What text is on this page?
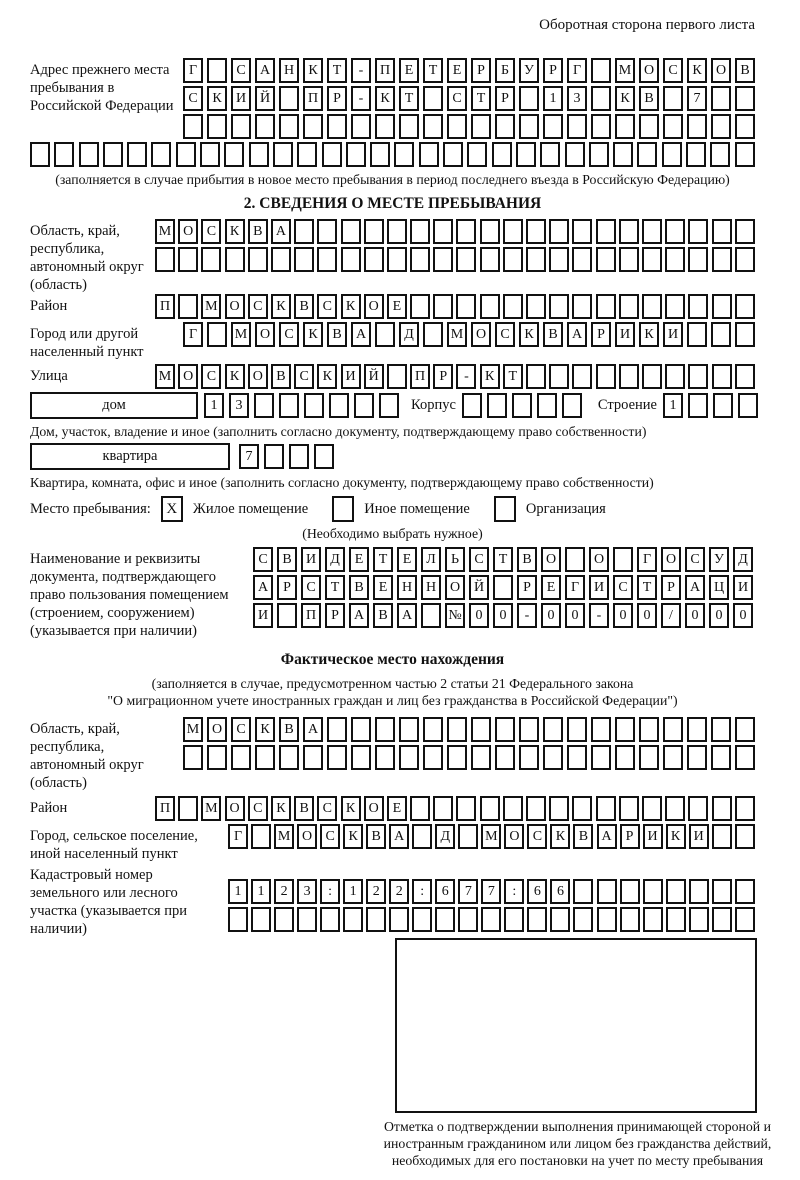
Оборотная сторона первого листа
Адрес прежнего места пребывания в Российской Федерации
Г	С	А Н	К	Т	-	П	Е	Т	Е	Р	Б	У	Р	Г	М О	С	К	О	В
С	К	И Й	П	Р	-	К	Т	С	Т	Р	1	3	К	В	7
(заполняется в случае прибытия в новое место пребывания в период последнего въезда в Российскую Федерацию)
2. СВЕДЕНИЯ О МЕСТЕ ПРЕБЫВАНИЯ
Область, край, республика, автономный округ (область)
М О С К В А
Район	П	М О С К В С К О Е
Город или другой населенный пункт
Г	М О	С	К	В	А	Д	М О	С	К	В	А	Р	И	К	И
Улица	М О С К О В С К И Й	П	Р	-	К	Т
дом	1	3	Корпус	Строение 1
Дом, участок, владение и иное (заполнить согласно документу, подтверждающему право собственности)
квартира	7
Квартира, комната, офис и иное (заполнить согласно документу, подтверждающему право собственности)
Место пребывания:	X	Жилое помещение	Иное помещение	Организация
(Необходимо выбрать нужное)
Наименование и реквизиты документа, подтверждающего право пользования помещением (строением, сооружением) (указывается при наличии)
С	В	И	Д	Е	Т	Е	Л	Ь	С	Т	В	О	О	Г	О	С	У	Д
А	Р	С	Т	В	Е	Н Н О Й	Р	Е	Г	И	С	Т	Р	А Ц И
И	П	Р	А	В	А	№ 0	0	-	0	0	-	0	0	/	0	0	0
Фактическое место нахождения
(заполняется в случае, предусмотренном частью 2 статьи 21 Федерального закона
"О миграционном учете иностранных граждан и лиц без гражданства в Российской Федерации")
Область, край, республика, автономный округ (область)
М О	С	К	В	А
Район	П	М О С К В С К О Е
Город, сельское поселение, иной населенный пункт
Г	М О С К В А	Д	М О С К В А	Р	И К И
Кадастровый номер земельного или лесного участка (указывается при наличии)
1	1	2	3	:	1	2	2	:	6	7	7	:	6	6
Отметка о подтверждении выполнения принимающей стороной и иностранным гражданином или лицом без гражданства действий, необходимых для его постановки на учет по месту пребывания
